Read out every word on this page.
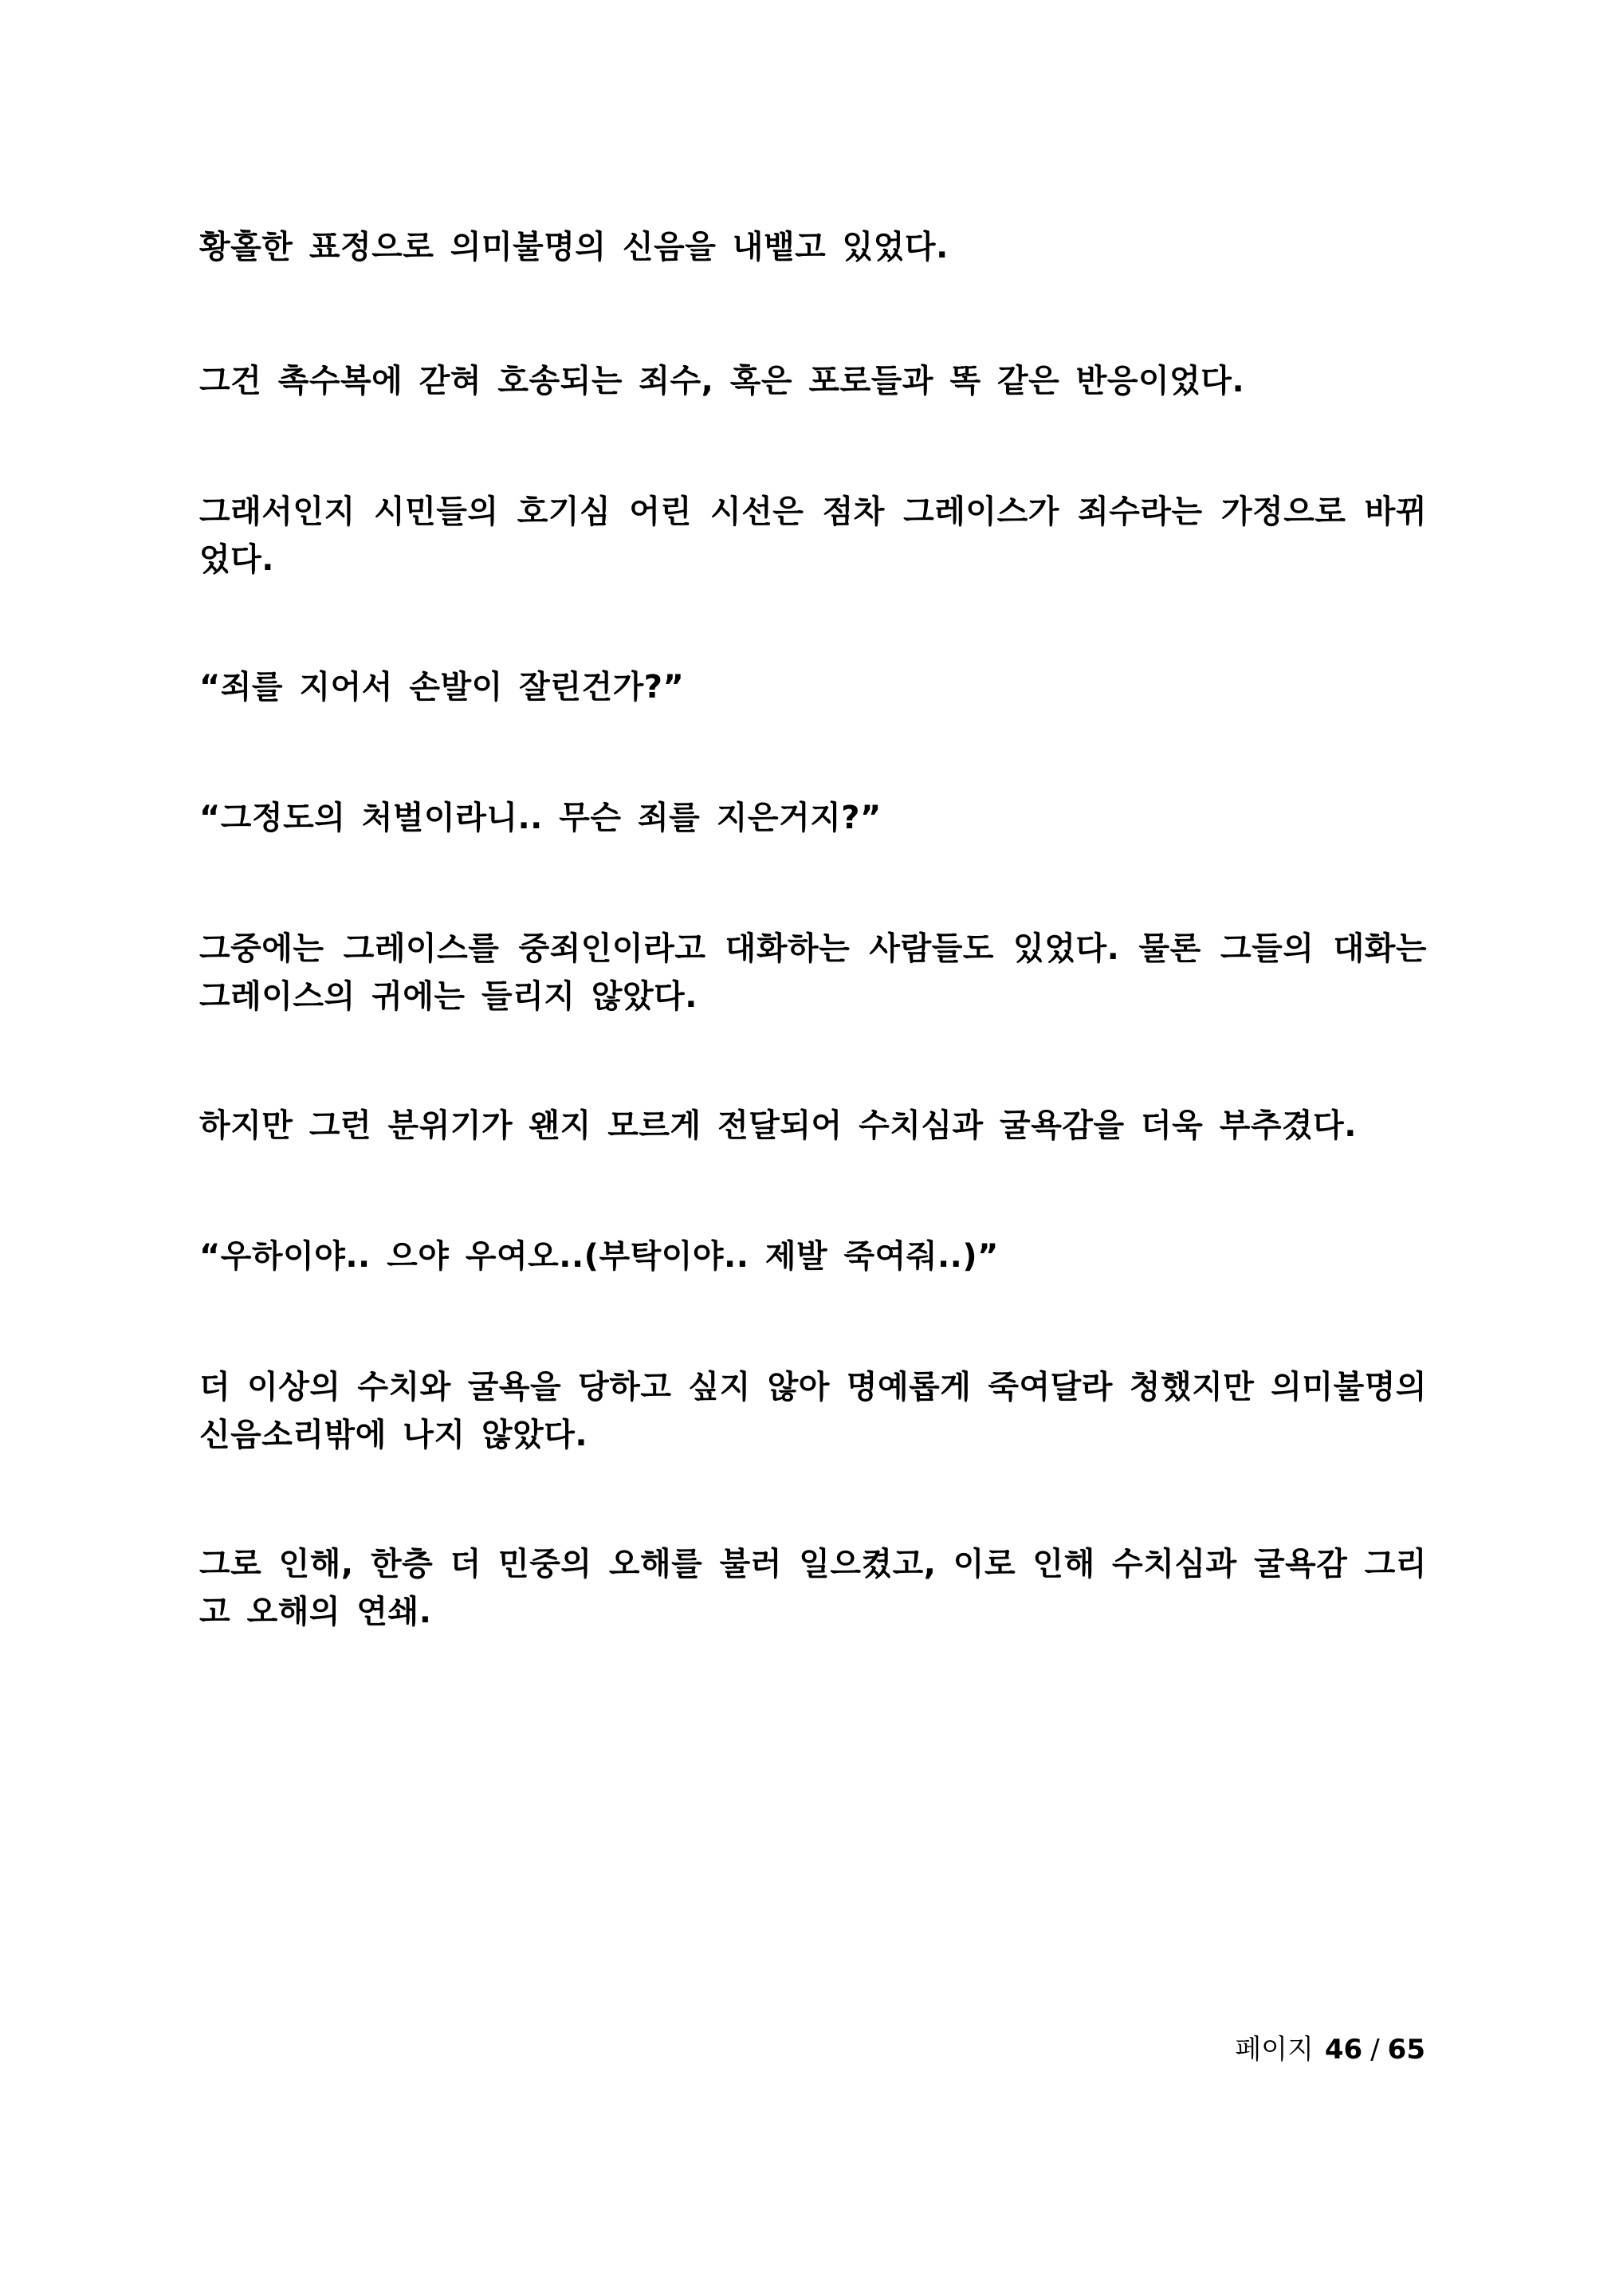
황홀한 표정으로 의미불명의 신음을 내뱉고 있었다.

그건 촉수복에 갇혀 호송되는 죄수, 혹은 포로들과 똑 같은 반응이었다.

그래서인지 시민들의 호기심 어린 시선은 점차 그레이스가 죄수라는 가정으로 바뀌었다.

“죄를 지어서 손발이 잘린건가?”

“그정도의 처벌이라니.. 무슨 죄를 지은거지?”

그중에는 그레이스를 중죄인이라고 대화하는 사람들도 있었다. 물론 그들의 대화는 그레이스의 귀에는 들리지 않았다.

하지만 그런 분위기가 왠지 모르게 전달되어 수치심과 굴욕감을 더욱 부추겼다.

“우하이야.. 으야 우여오..(부탁이야.. 제발 죽여줘..)”

더 이상의 수치와 굴욕을 당하고 싶지 않아 명예롭게 죽여달라 청했지만 의미불명의 신음소리밖에 나지 않았다.

그로 인해, 한층 더 민중의 오해를 불러 일으켰고, 이로 인해 수치심과 굴욕감 그리고 오해의 연쇄.

페이지 46 / 65
